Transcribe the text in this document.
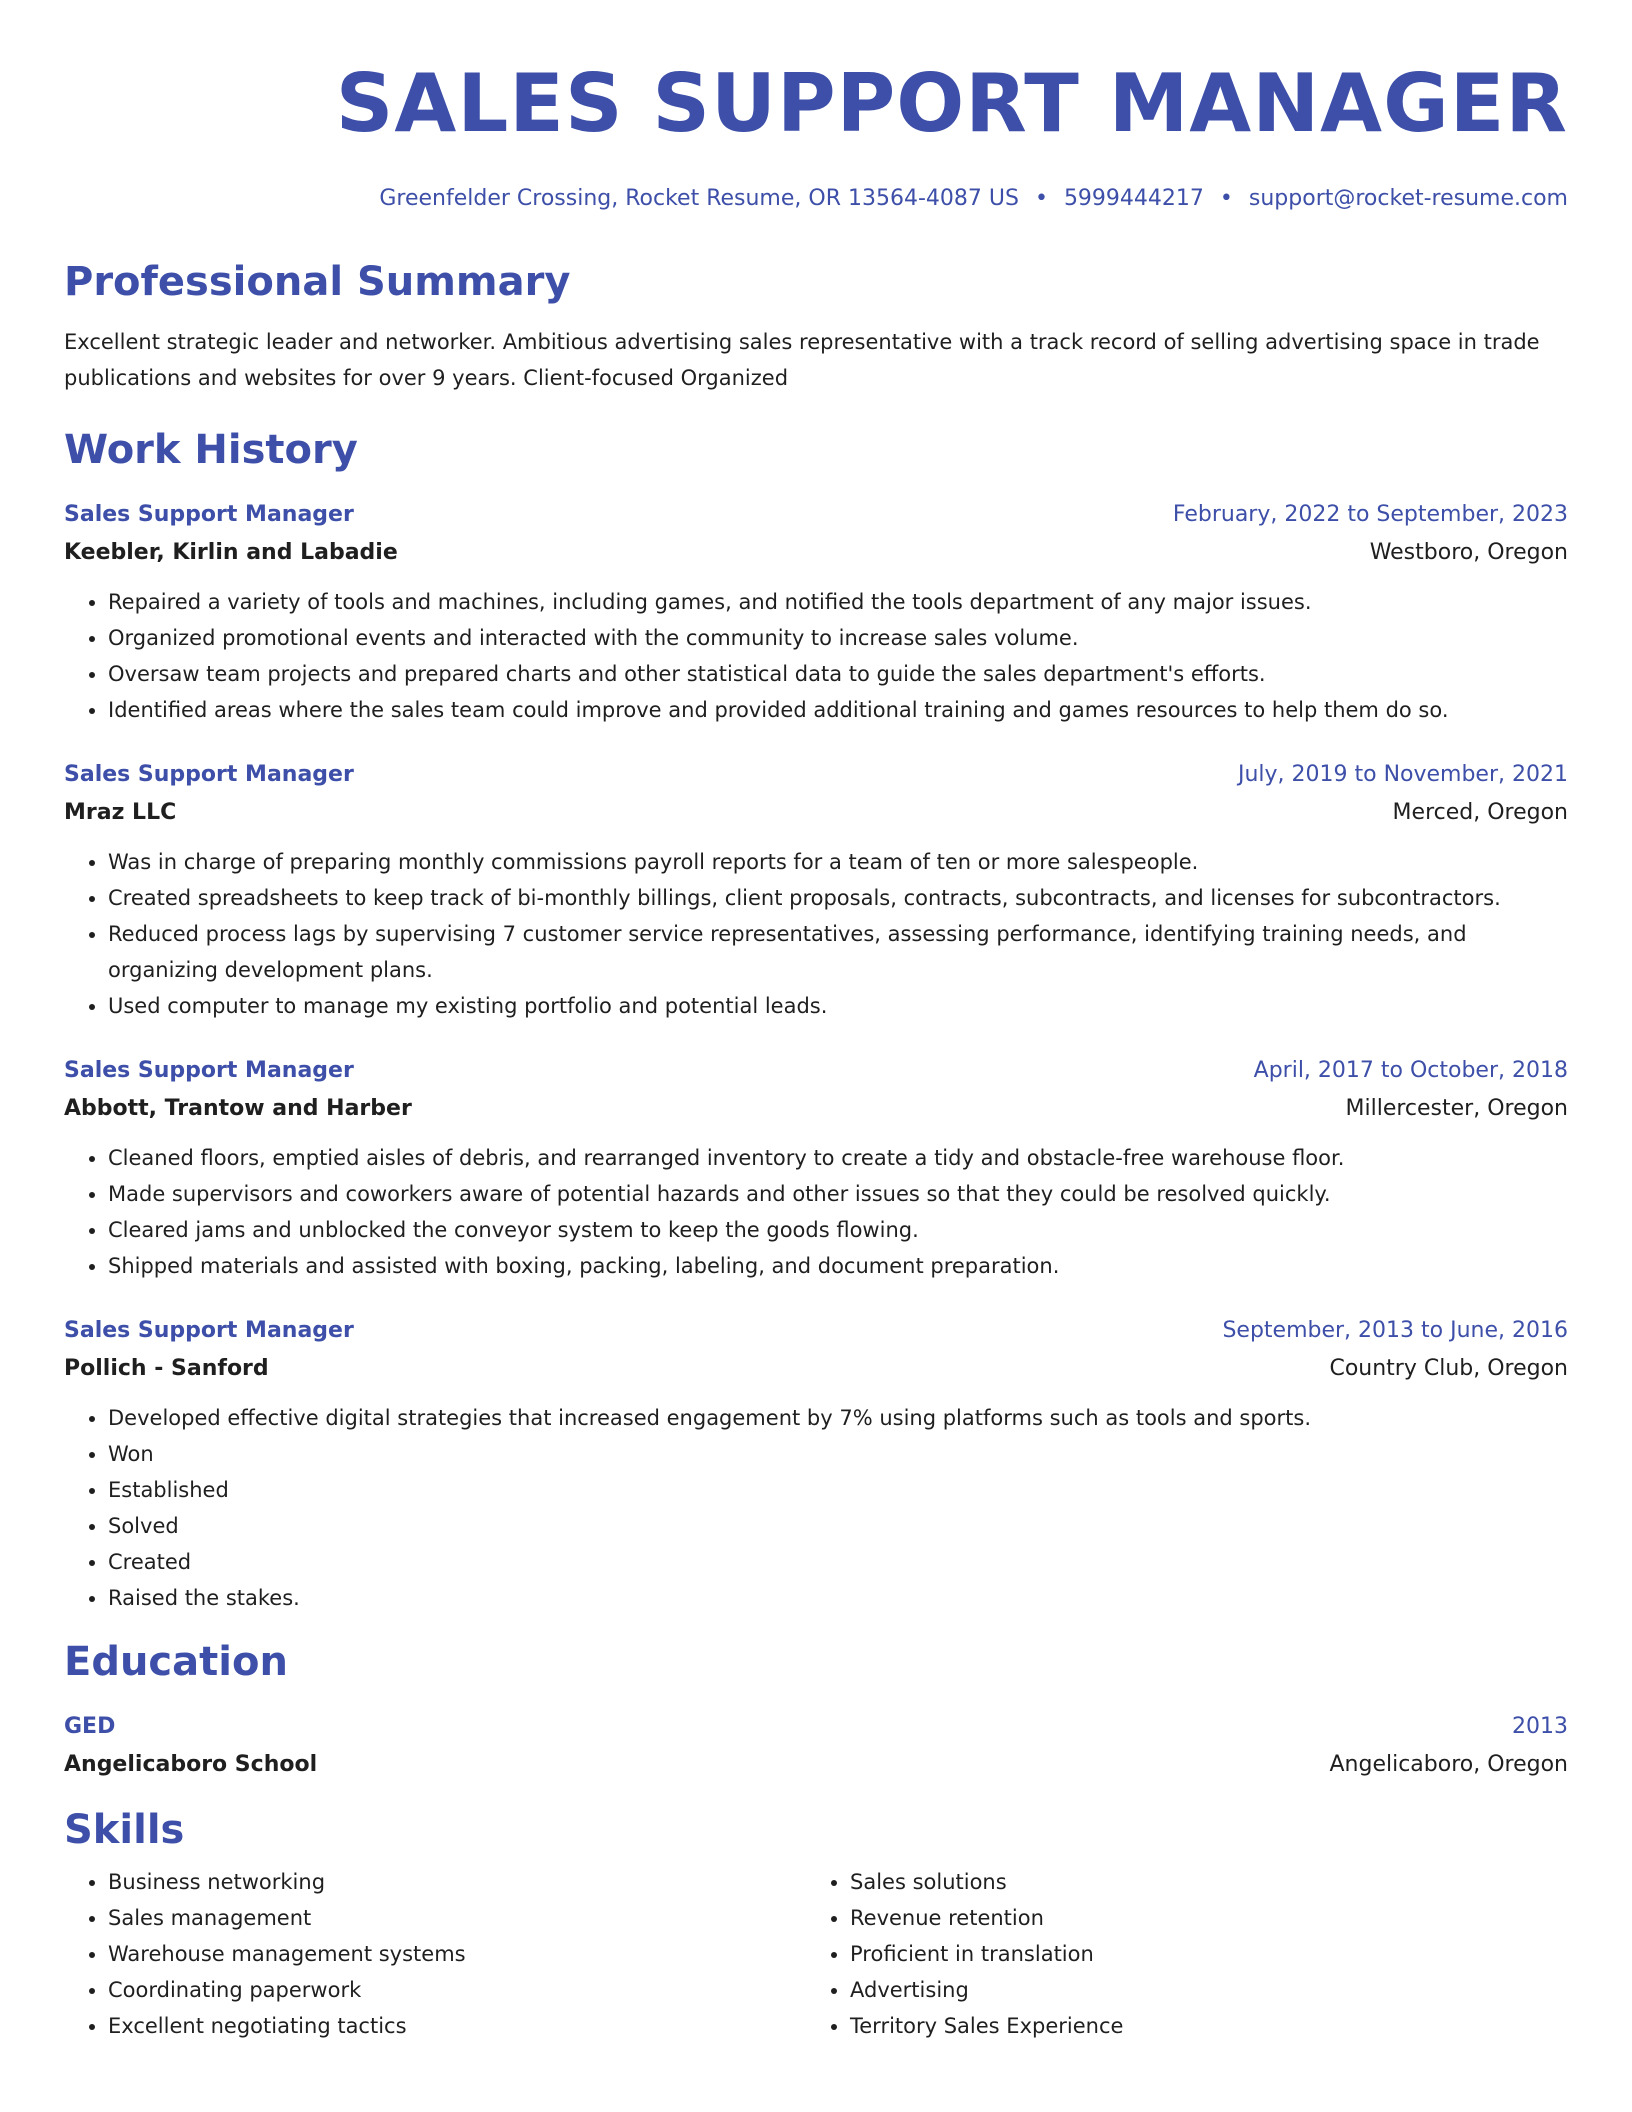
SALES SUPPORT MANAGER
Greenfelder Crossing, Rocket Resume, OR 13564-4087 US • 5999444217 • support@rocket-resume.com
Professional Summary
Excellent strategic leader and networker. Ambitious advertising sales representative with a track record of selling advertising space in trade publications and websites for over 9 years. Client-focused Organized
Work History
Sales Support Manager	February, 2022 to September, 2023
Keebler, Kirlin and Labadie	Westboro, Oregon
• Repaired a variety of tools and machines, including games, and notified the tools department of any major issues.
• Organized promotional events and interacted with the community to increase sales volume.
• Oversaw team projects and prepared charts and other statistical data to guide the sales department's efforts.
• Identified areas where the sales team could improve and provided additional training and games resources to help them do so.
Sales Support Manager	July, 2019 to November, 2021
Mraz LLC	Merced, Oregon
• Was in charge of preparing monthly commissions payroll reports for a team of ten or more salespeople.
• Created spreadsheets to keep track of bi-monthly billings, client proposals, contracts, subcontracts, and licenses for subcontractors.
• Reduced process lags by supervising 7 customer service representatives, assessing performance, identifying training needs, and organizing development plans.
• Used computer to manage my existing portfolio and potential leads.
Sales Support Manager	April, 2017 to October, 2018
Abbott, Trantow and Harber	Millercester, Oregon
• Cleaned floors, emptied aisles of debris, and rearranged inventory to create a tidy and obstacle-free warehouse floor.
• Made supervisors and coworkers aware of potential hazards and other issues so that they could be resolved quickly.
• Cleared jams and unblocked the conveyor system to keep the goods flowing.
• Shipped materials and assisted with boxing, packing, labeling, and document preparation.
Sales Support Manager	September, 2013 to June, 2016
Pollich - Sanford	Country Club, Oregon
• Developed effective digital strategies that increased engagement by 7% using platforms such as tools and sports.
• Won
• Established
• Solved
• Created
• Raised the stakes.
Education
GED	2013
Angelicaboro School	Angelicaboro, Oregon
Skills
• Business networking
• Sales management
• Warehouse management systems
• Coordinating paperwork
• Excellent negotiating tactics
• Sales solutions
• Revenue retention
• Proficient in translation
• Advertising
• Territory Sales Experience
